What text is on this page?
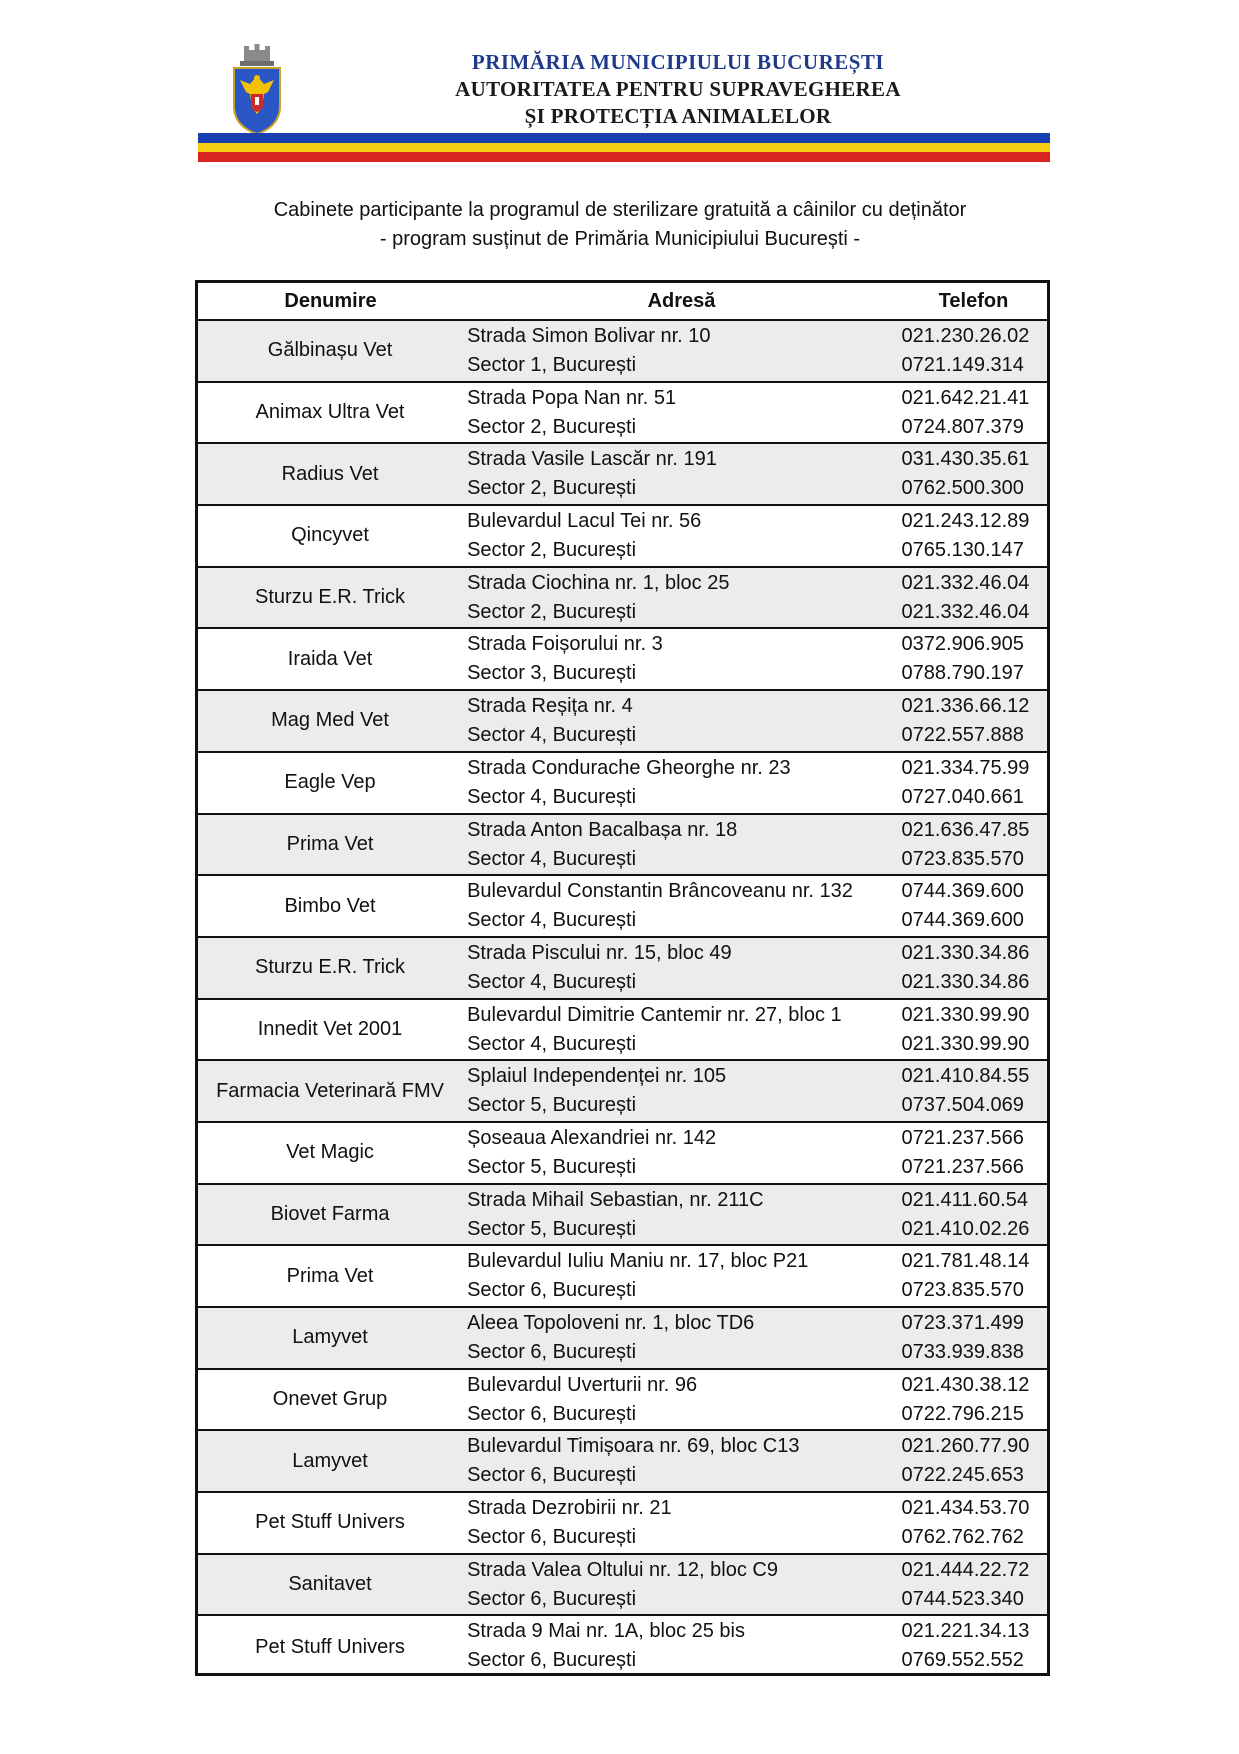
PRIMĂRIA MUNICIPIULUI BUCUREȘTI
AUTORITATEA PENTRU SUPRAVEGHEREA
ȘI PROTECȚIA ANIMALELOR
Cabinete participante la programul de sterilizare gratuită a câinilor cu deținător
- program susținut de Primăria Municipiului București -
Denumire	Adresă	Telefon
Gălbinașu Vet
Strada Simon Bolivar nr. 10
Sector 1, București
021.230.26.02
0721.149.314
Animax Ultra Vet
Strada Popa Nan nr. 51
Sector 2, București
021.642.21.41
0724.807.379
Radius Vet
Strada Vasile Lascăr nr. 191
Sector 2, București
031.430.35.61
0762.500.300
Qincyvet
Bulevardul Lacul Tei nr. 56
Sector 2, București
021.243.12.89
0765.130.147
Sturzu E.R. Trick
Strada Ciochina nr. 1, bloc 25
Sector 2, București
021.332.46.04
021.332.46.04
Iraida Vet
Strada Foișorului nr. 3
Sector 3, București
0372.906.905
0788.790.197
Mag Med Vet
Strada Reșița nr. 4
Sector 4, București
021.336.66.12
0722.557.888
Eagle Vep
Strada Condurache Gheorghe nr. 23
Sector 4, București
021.334.75.99
0727.040.661
Prima Vet
Strada Anton Bacalbașa nr. 18
Sector 4, București
021.636.47.85
0723.835.570
Bimbo Vet
Bulevardul Constantin Brâncoveanu nr. 132
Sector 4, București
0744.369.600
0744.369.600
Sturzu E.R. Trick
Strada Piscului nr. 15, bloc 49
Sector 4, București
021.330.34.86
021.330.34.86
Innedit Vet 2001
Bulevardul Dimitrie Cantemir nr. 27, bloc 1
Sector 4, București
021.330.99.90
021.330.99.90
Farmacia Veterinară FMV
Splaiul Independenței nr. 105
Sector 5, București
021.410.84.55
0737.504.069
Vet Magic
Șoseaua Alexandriei nr. 142
Sector 5, București
0721.237.566
0721.237.566
Biovet Farma
Strada Mihail Sebastian, nr. 211C
Sector 5, București
021.411.60.54
021.410.02.26
Prima Vet
Bulevardul Iuliu Maniu nr. 17, bloc P21
Sector 6, București
021.781.48.14
0723.835.570
Lamyvet
Aleea Topoloveni nr. 1, bloc TD6
Sector 6, București
0723.371.499
0733.939.838
Onevet Grup
Bulevardul Uverturii nr. 96
Sector 6, București
021.430.38.12
0722.796.215
Lamyvet
Bulevardul Timișoara nr. 69, bloc C13
Sector 6, București
021.260.77.90
0722.245.653
Pet Stuff Univers
Strada Dezrobirii nr. 21
Sector 6, București
021.434.53.70
0762.762.762
Sanitavet
Strada Valea Oltului nr. 12, bloc C9
Sector 6, București
021.444.22.72
0744.523.340
Pet Stuff Univers
Strada 9 Mai nr. 1A, bloc 25 bis
Sector 6, București
021.221.34.13
0769.552.552
